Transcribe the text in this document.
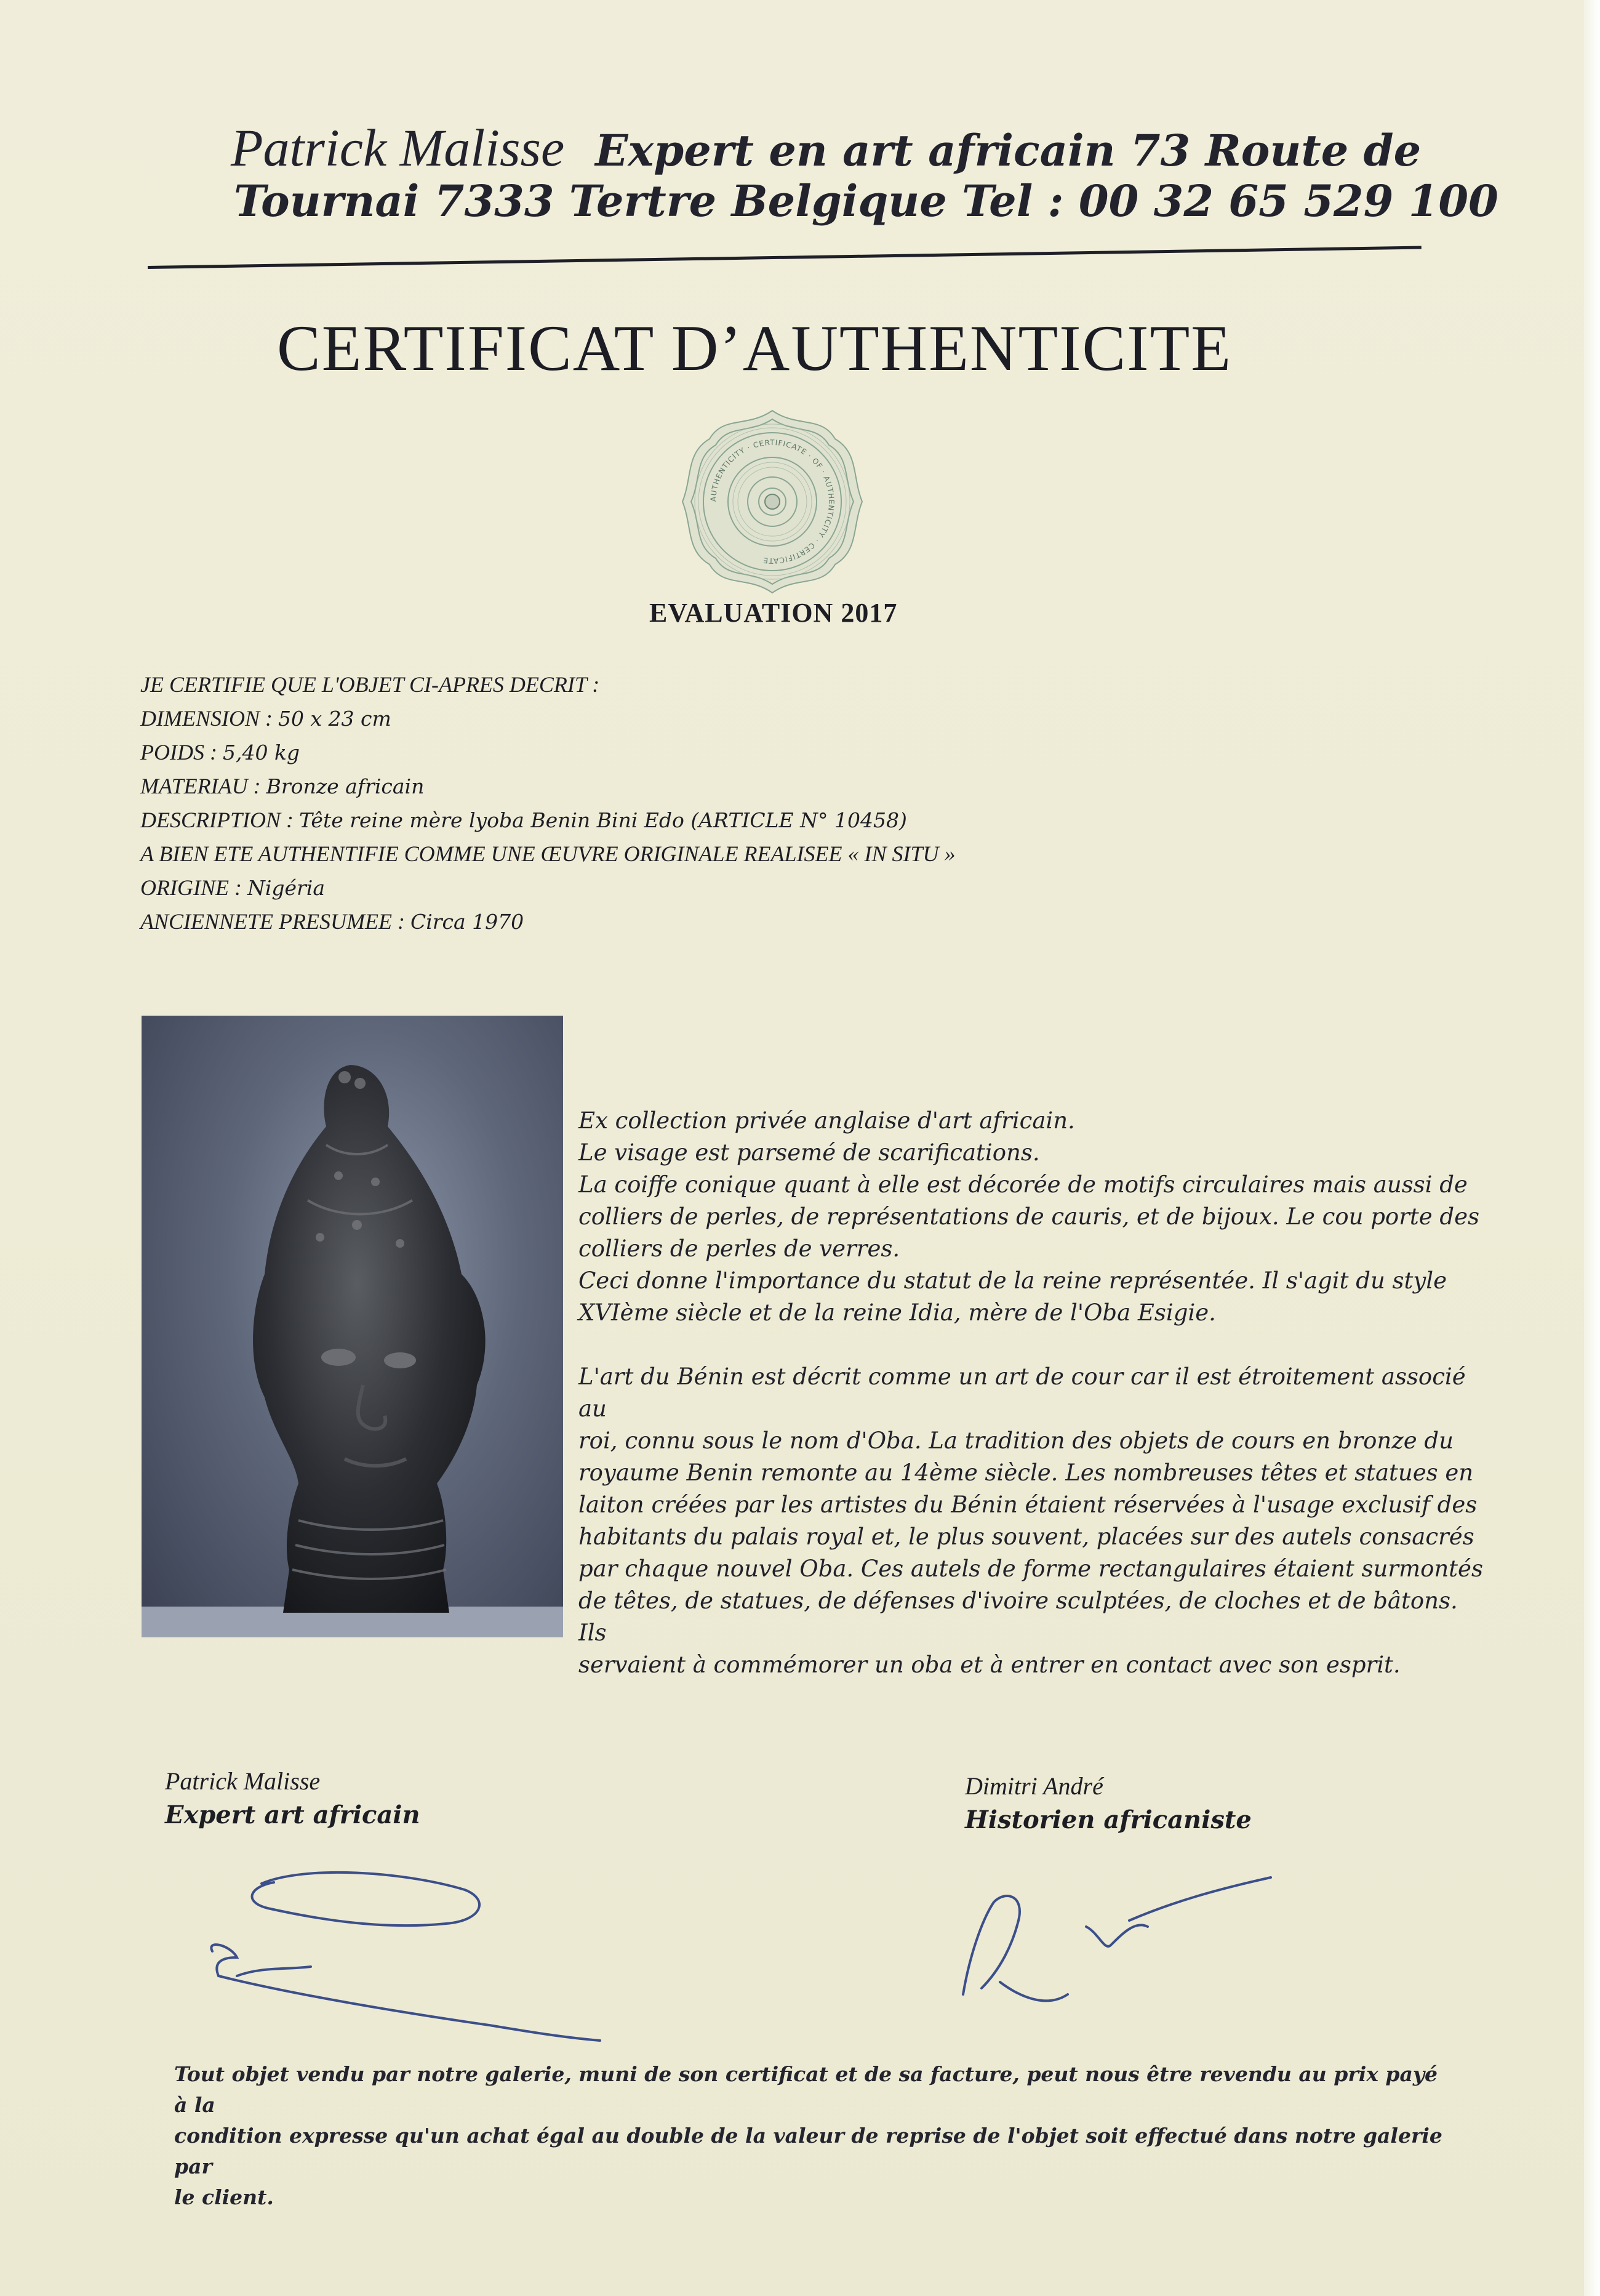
Patrick Malisse Expert en art africain 73 Route de
Tournai 7333 Tertre Belgique Tel : 00 32 65 529 100
CERTIFICAT D’AUTHENTICITE
AUTHENTICITY · CERTIFICATE · OF · AUTHENTICITY · CERTIFICATE
EVALUATION 2017
JE CERTIFIE QUE L'OBJET CI-APRES DECRIT :
DIMENSION : 50 x 23 cm
POIDS : 5,40 kg
MATERIAU : Bronze africain
DESCRIPTION : Tête reine mère lyoba Benin Bini Edo (ARTICLE N° 10458)
A BIEN ETE AUTHENTIFIE COMME UNE ŒUVRE ORIGINALE REALISEE « IN SITU »
ORIGINE : Nigéria
ANCIENNETE PRESUMEE : Circa 1970

Ex collection privée anglaise d'art africain.

Le visage est parsemé de scarifications.

La coiffe conique quant à elle est décorée de motifs circulaires mais aussi de

colliers de perles, de représentations de cauris, et de bijoux. Le cou porte des

colliers de perles de verres.

Ceci donne l'importance du statut de la reine représentée. Il s'agit du style

XVIème siècle et de la reine Idia, mère de l'Oba Esigie.

L'art du Bénin est décrit comme un art de cour car il est étroitement associé au

roi, connu sous le nom d'Oba. La tradition des objets de cours en bronze du

royaume Benin remonte au 14ème siècle. Les nombreuses têtes et statues en

laiton créées par les artistes du Bénin étaient réservées à l'usage exclusif des

habitants du palais royal et, le plus souvent, placées sur des autels consacrés

par chaque nouvel Oba. Ces autels de forme rectangulaires étaient surmontés

de têtes, de statues, de défenses d'ivoire sculptées, de cloches et de bâtons. Ils

servaient à commémorer un oba et à entrer en contact avec son esprit.

Patrick Malisse
Expert art africain
Dimitri André
Historien africaniste
Tout objet vendu par notre galerie, muni de son certificat et de sa facture, peut nous être revendu au prix payé à la
condition expresse qu'un achat égal au double de la valeur de reprise de l'objet soit effectué dans notre galerie par
le client.
